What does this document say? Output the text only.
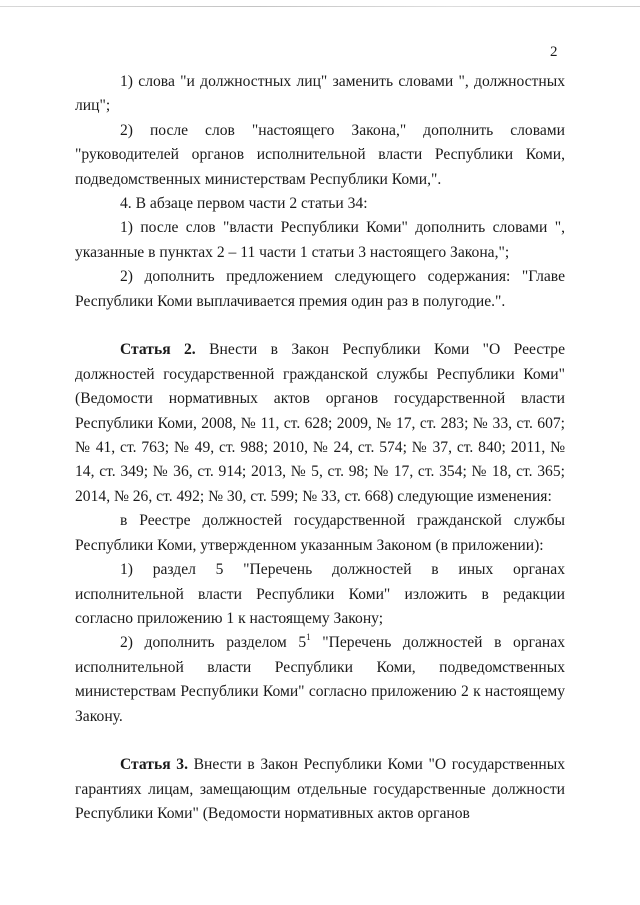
2

1) слова "и должностных лиц" заменить словами ", должностных лиц";

2) после слов "настоящего Закона," дополнить словами "руководителей органов исполнительной власти Республики Коми, подведомственных министерствам Республики Коми,".

4. В абзаце первом части 2 статьи 34:

1) после слов "власти Республики Коми" дополнить словами ", указанные в пунктах 2 – 11 части 1 статьи 3 настоящего Закона,";

2) дополнить предложением следующего содержания: "Главе Республики Коми выплачивается премия один раз в полугодие.".

Статья 2. Внести в Закон Республики Коми "О Реестре должностей государственной гражданской службы Республики Коми" (Ведомости нормативных актов органов государственной власти Республики Коми, 2008, № 11, ст. 628; 2009, № 17, ст. 283; № 33, ст. 607; № 41, ст. 763; № 49, ст. 988; 2010, № 24, ст. 574; № 37, ст. 840; 2011, № 14, ст. 349; № 36, ст. 914; 2013, № 5, ст. 98; № 17, ст. 354; № 18, ст. 365; 2014, № 26, ст. 492; № 30, ст. 599; № 33, ст. 668) следующие изменения:

в Реестре должностей государственной гражданской службы Республики Коми, утвержденном указанным Законом (в приложении):

1) раздел 5 "Перечень должностей в иных органах исполнительной власти Республики Коми" изложить в редакции согласно приложению 1 к настоящему Закону;

2) дополнить разделом $5^1$ "Перечень должностей в органах исполнительной власти Республики Коми, подведомственных министерствам Республики Коми" согласно приложению 2 к настоящему Закону.

Статья 3. Внести в Закон Республики Коми "О государственных гарантиях лицам, замещающим отдельные государственные должности Республики Коми" (Ведомости нормативных актов органов
